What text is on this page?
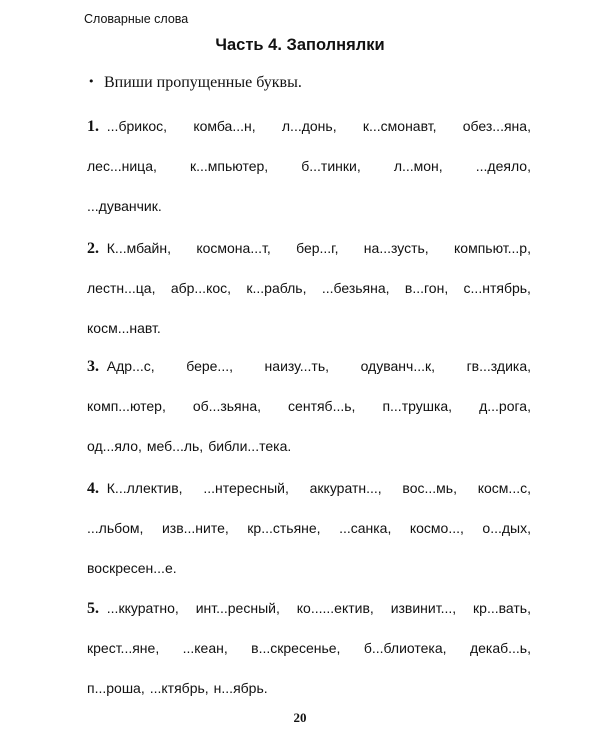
Словарные слова
Часть 4. Заполнялки
• Впиши пропущенные буквы.
1. ...брикос, комба...н, л...донь, к...смонавт, обез...яна,
лес...ница, к...мпьютер, б...тинки, л...мон, ...деяло,
...дуванчик.
2. К...мбайн, космона...т, бер...г, на...зусть, компьют...р,
лестн...ца, абр...кос, к...рабль, ...безьяна, в...гон, с...нтябрь,
косм...навт.
3. Адр...с, бере..., наизу...ть, одуванч...к, гв...здика,
комп...ютер, об...зьяна, сентяб...ь, п...трушка, д...рога,
од...яло, меб...ль, библи...тека.
4. К...ллектив, ...нтересный, аккуратн..., вос...мь, косм...с,
...льбом, изв...ните, кр...стьяне, ...санка, космо..., о...дых,
воскресен...е.
5. ...ккуратно, инт...ресный, ко......ектив, извинит..., кр...вать,
крест...яне, ...кеан, в...скресенье, б...блиотека, декаб...ь,
п...роша, ...ктябрь, н...ябрь.
20
